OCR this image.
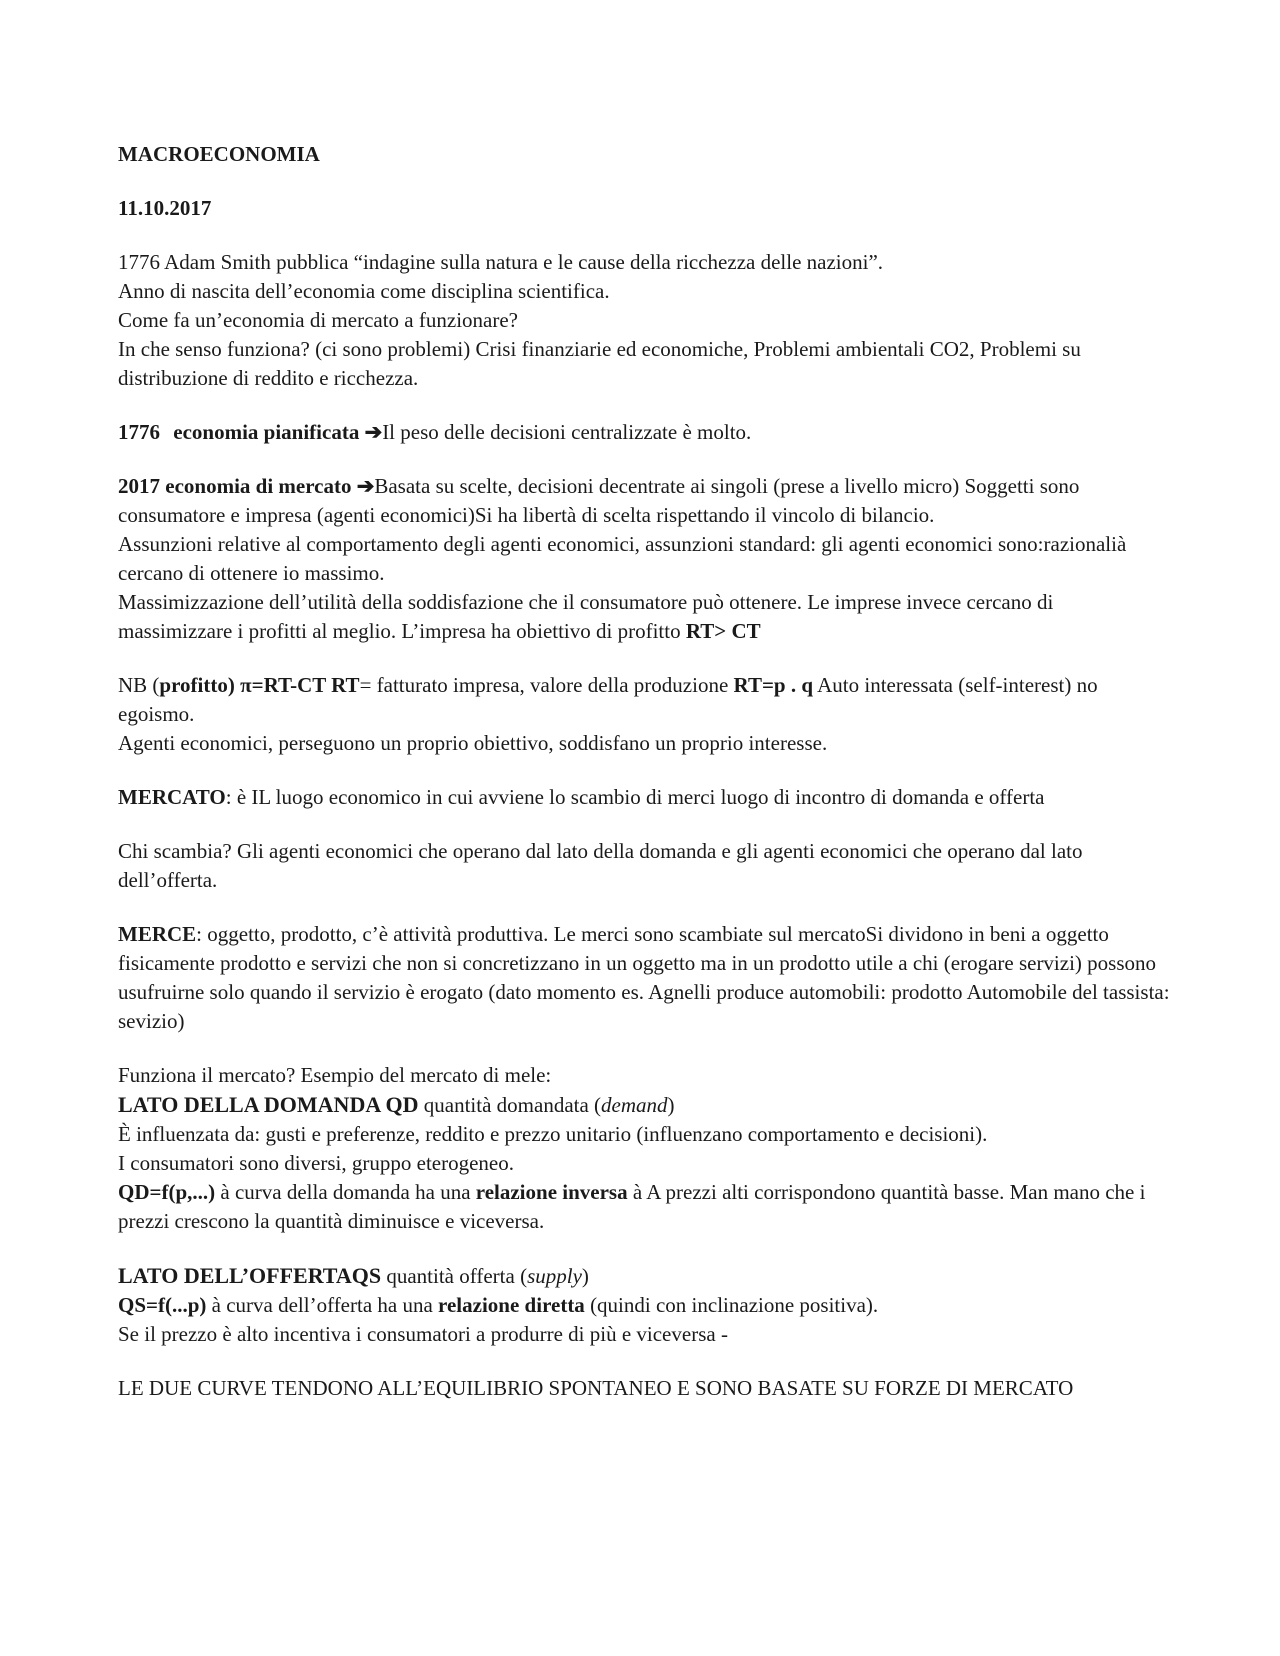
MACROECONOMIA
11.10.2017

1776 Adam Smith pubblica “indagine sulla natura e le cause della ricchezza delle nazioni”.
Anno di nascita dell’economia come disciplina scientifica.
Come fa un’economia di mercato a funzionare?
In che senso funziona? (ci sono problemi) Crisi finanziarie ed economiche, Problemi ambientali CO2, Problemi su distribuzione di reddito e ricchezza.

1776 economia pianificata ➔Il peso delle decisioni centralizzate è molto.

2017 economia di mercato ➔Basata su scelte, decisioni decentrate ai singoli (prese a livello micro) Soggetti sono consumatore e impresa (agenti economici)Si ha libertà di scelta rispettando il vincolo di bilancio.
Assunzioni relative al comportamento degli agenti economici, assunzioni standard: gli agenti economici sono:razionalià cercano di ottenere io massimo.
Massimizzazione dell’utilità della soddisfazione che il consumatore può ottenere. Le imprese invece cercano di massimizzare i profitti al meglio. L’impresa ha obiettivo di profitto RT> CT

NB (profitto) π=RT-CT RT= fatturato impresa, valore della produzione RT=p . q Auto interessata (self-interest) no egoismo.
Agenti economici, perseguono un proprio obiettivo, soddisfano un proprio interesse.

MERCATO: è IL luogo economico in cui avviene lo scambio di merci luogo di incontro di domanda e offerta

Chi scambia? Gli agenti economici che operano dal lato della domanda e gli agenti economici che operano dal lato dell’offerta.

MERCE: oggetto, prodotto, c’è attività produttiva. Le merci sono scambiate sul mercatoSi dividono in beni a oggetto fisicamente prodotto e servizi che non si concretizzano in un oggetto ma in un prodotto utile a chi (erogare servizi) possono usufruirne solo quando il servizio è erogato (dato momento es. Agnelli produce automobili: prodotto Automobile del tassista: sevizio)

Funziona il mercato? Esempio del mercato di mele:
LATO DELLA DOMANDA QD quantità domandata (demand)
È influenzata da: gusti e preferenze, reddito e prezzo unitario (influenzano comportamento e decisioni).
I consumatori sono diversi, gruppo eterogeneo.
QD=f(p,...) à curva della domanda ha una relazione inversa à A prezzi alti corrispondono quantità basse. Man mano che i prezzi crescono la quantità diminuisce e viceversa.

LATO DELL’OFFERTAQS quantità offerta (supply)
QS=f(...p) à curva dell’offerta ha una relazione diretta (quindi con inclinazione positiva).
Se il prezzo è alto incentiva i consumatori a produrre di più e viceversa -

LE DUE CURVE TENDONO ALL’EQUILIBRIO SPONTANEO E SONO BASATE SU FORZE DI MERCATO
